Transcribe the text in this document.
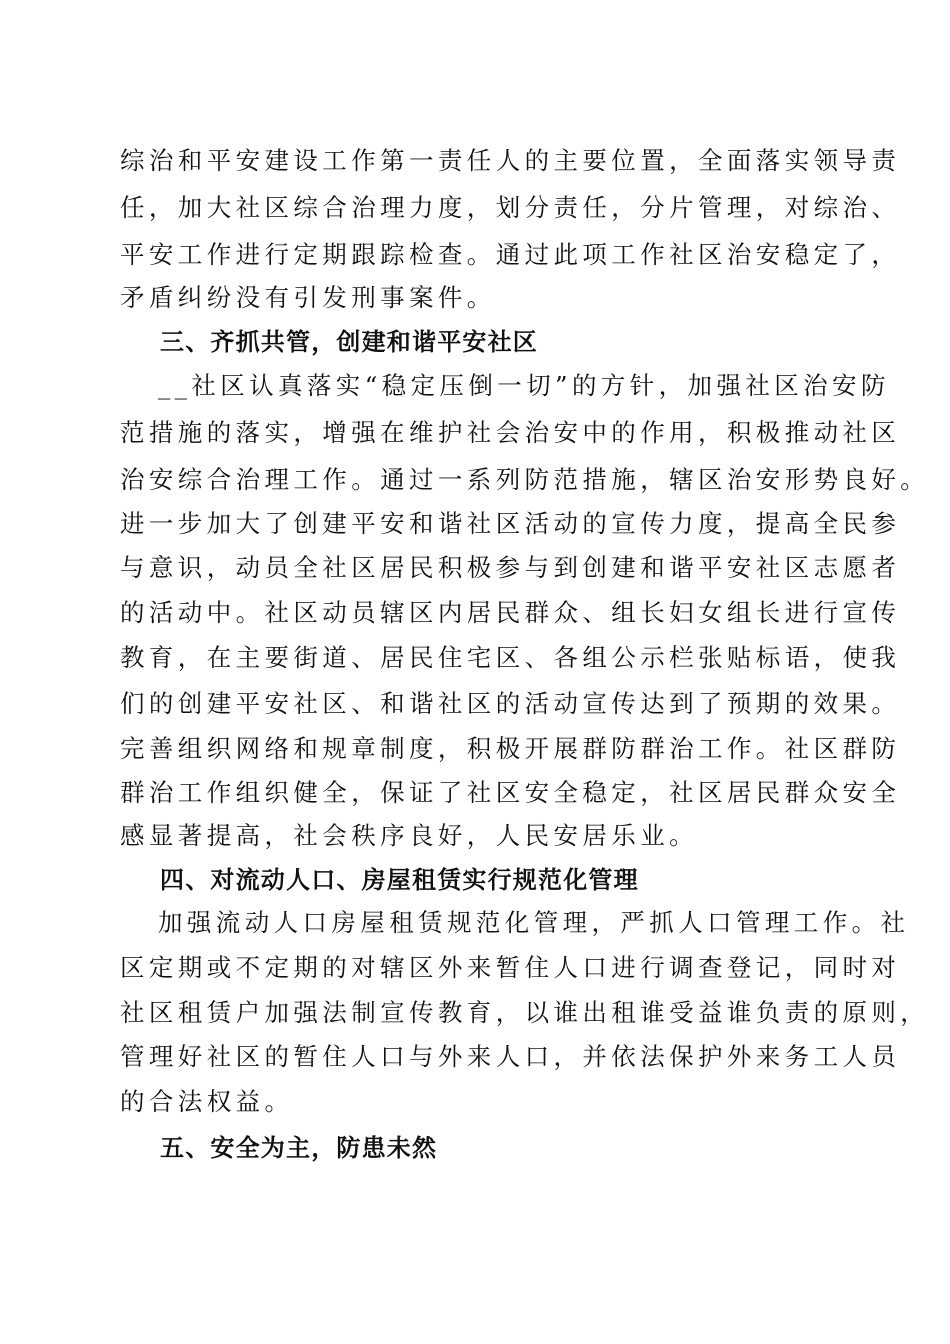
综治和平安建设工作第一责任人的主要位置，全面落实领导责
任，加大社区综合治理力度，划分责任，分片管理，对综治、
平安工作进行定期跟踪检查。通过此项工作社区治安稳定了，
矛盾纠纷没有引发刑事案件。
三、齐抓共管，创建和谐平安社区
__社区认真落实“稳定压倒一切”的方针，加强社区治安防
范措施的落实，增强在维护社会治安中的作用，积极推动社区
治安综合治理工作。通过一系列防范措施，辖区治安形势良好。
进一步加大了创建平安和谐社区活动的宣传力度，提高全民参
与意识，动员全社区居民积极参与到创建和谐平安社区志愿者
的活动中。社区动员辖区内居民群众、组长妇女组长进行宣传
教育，在主要街道、居民住宅区、各组公示栏张贴标语，使我
们的创建平安社区、和谐社区的活动宣传达到了预期的效果。
完善组织网络和规章制度，积极开展群防群治工作。社区群防
群治工作组织健全，保证了社区安全稳定，社区居民群众安全
感显著提高，社会秩序良好，人民安居乐业。
四、对流动人口、房屋租赁实行规范化管理
加强流动人口房屋租赁规范化管理，严抓人口管理工作。社
区定期或不定期的对辖区外来暂住人口进行调查登记，同时对
社区租赁户加强法制宣传教育，以谁出租谁受益谁负责的原则，
管理好社区的暂住人口与外来人口，并依法保护外来务工人员
的合法权益。
五、安全为主，防患未然
